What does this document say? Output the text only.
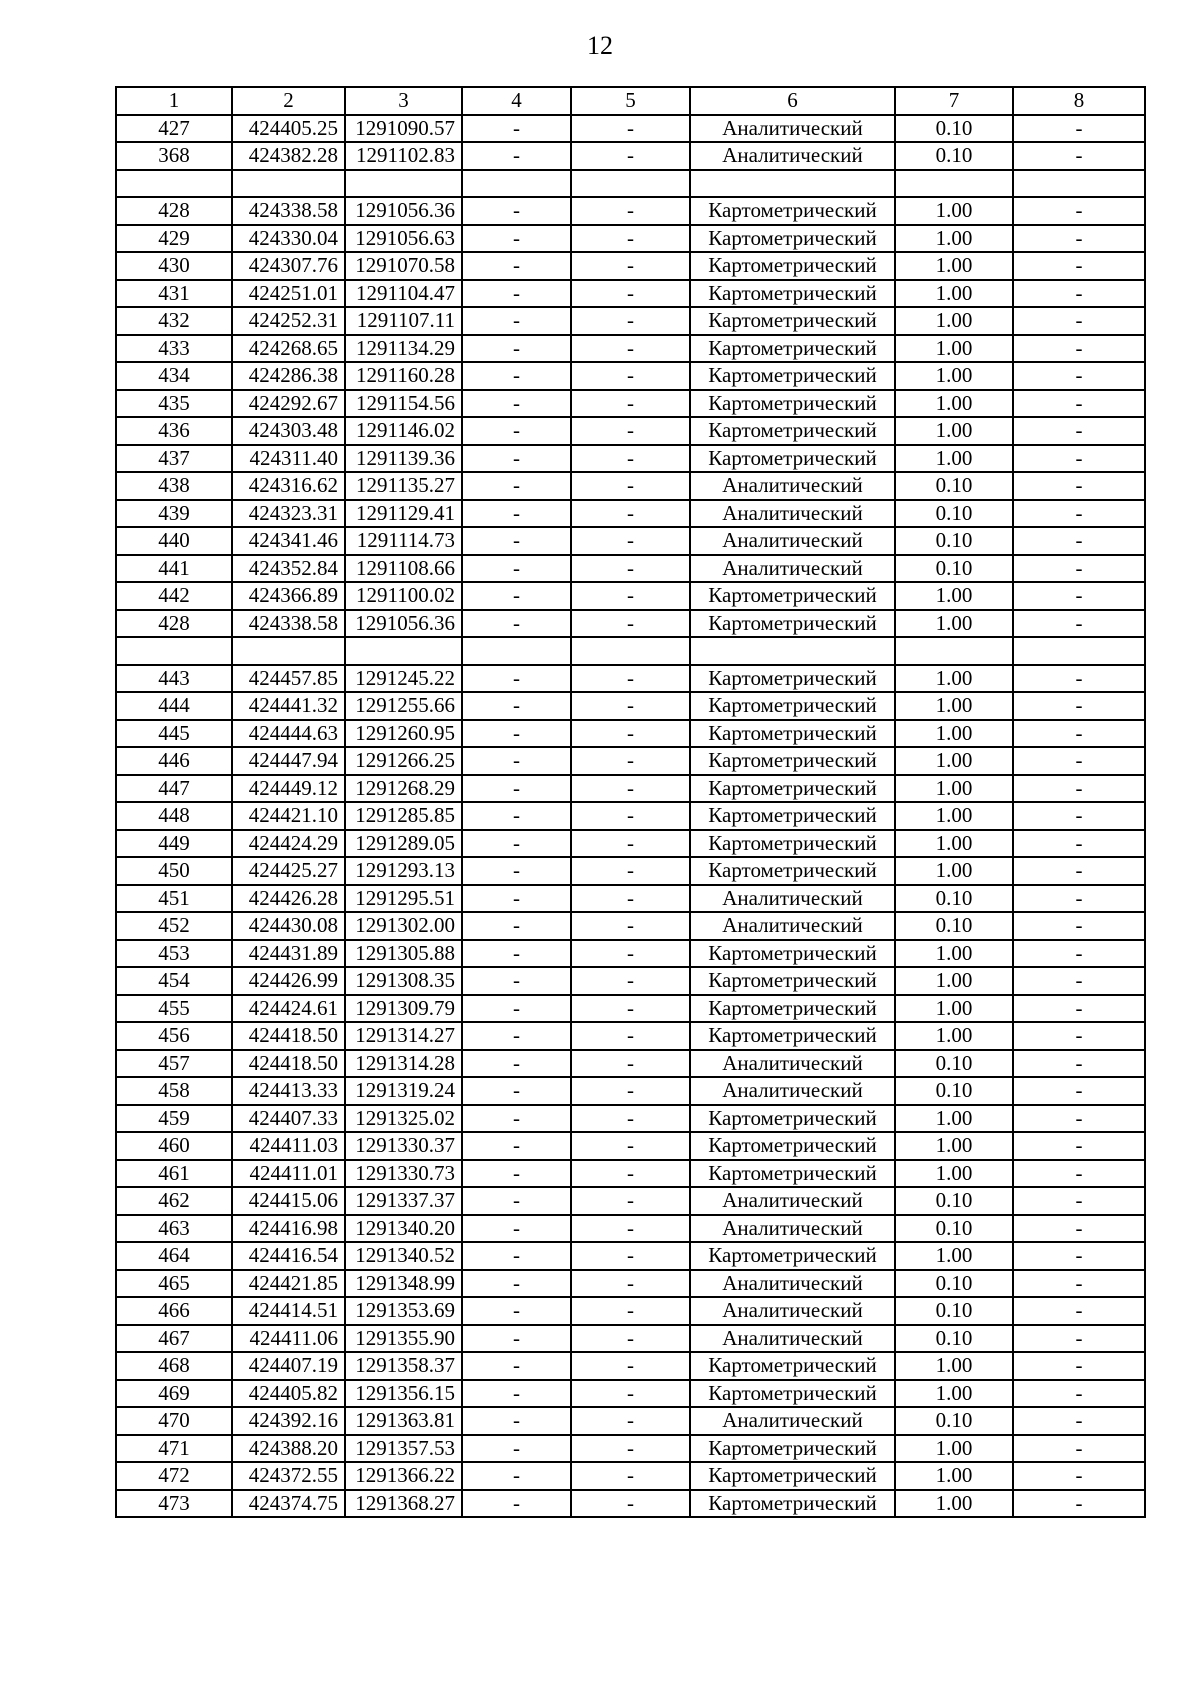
12
1	2	3	4	5	6	7	8
427	424405.25	1291090.57	-	-	Аналитический	0.10	-
368	424382.28	1291102.83	-	-	Аналитический	0.10	-

428	424338.58	1291056.36	-	-	Картометрический	1.00	-
429	424330.04	1291056.63	-	-	Картометрический	1.00	-
430	424307.76	1291070.58	-	-	Картометрический	1.00	-
431	424251.01	1291104.47	-	-	Картометрический	1.00	-
432	424252.31	1291107.11	-	-	Картометрический	1.00	-
433	424268.65	1291134.29	-	-	Картометрический	1.00	-
434	424286.38	1291160.28	-	-	Картометрический	1.00	-
435	424292.67	1291154.56	-	-	Картометрический	1.00	-
436	424303.48	1291146.02	-	-	Картометрический	1.00	-
437	424311.40	1291139.36	-	-	Картометрический	1.00	-
438	424316.62	1291135.27	-	-	Аналитический	0.10	-
439	424323.31	1291129.41	-	-	Аналитический	0.10	-
440	424341.46	1291114.73	-	-	Аналитический	0.10	-
441	424352.84	1291108.66	-	-	Аналитический	0.10	-
442	424366.89	1291100.02	-	-	Картометрический	1.00	-
428	424338.58	1291056.36	-	-	Картометрический	1.00	-

443	424457.85	1291245.22	-	-	Картометрический	1.00	-
444	424441.32	1291255.66	-	-	Картометрический	1.00	-
445	424444.63	1291260.95	-	-	Картометрический	1.00	-
446	424447.94	1291266.25	-	-	Картометрический	1.00	-
447	424449.12	1291268.29	-	-	Картометрический	1.00	-
448	424421.10	1291285.85	-	-	Картометрический	1.00	-
449	424424.29	1291289.05	-	-	Картометрический	1.00	-
450	424425.27	1291293.13	-	-	Картометрический	1.00	-
451	424426.28	1291295.51	-	-	Аналитический	0.10	-
452	424430.08	1291302.00	-	-	Аналитический	0.10	-
453	424431.89	1291305.88	-	-	Картометрический	1.00	-
454	424426.99	1291308.35	-	-	Картометрический	1.00	-
455	424424.61	1291309.79	-	-	Картометрический	1.00	-
456	424418.50	1291314.27	-	-	Картометрический	1.00	-
457	424418.50	1291314.28	-	-	Аналитический	0.10	-
458	424413.33	1291319.24	-	-	Аналитический	0.10	-
459	424407.33	1291325.02	-	-	Картометрический	1.00	-
460	424411.03	1291330.37	-	-	Картометрический	1.00	-
461	424411.01	1291330.73	-	-	Картометрический	1.00	-
462	424415.06	1291337.37	-	-	Аналитический	0.10	-
463	424416.98	1291340.20	-	-	Аналитический	0.10	-
464	424416.54	1291340.52	-	-	Картометрический	1.00	-
465	424421.85	1291348.99	-	-	Аналитический	0.10	-
466	424414.51	1291353.69	-	-	Аналитический	0.10	-
467	424411.06	1291355.90	-	-	Аналитический	0.10	-
468	424407.19	1291358.37	-	-	Картометрический	1.00	-
469	424405.82	1291356.15	-	-	Картометрический	1.00	-
470	424392.16	1291363.81	-	-	Аналитический	0.10	-
471	424388.20	1291357.53	-	-	Картометрический	1.00	-
472	424372.55	1291366.22	-	-	Картометрический	1.00	-
473	424374.75	1291368.27	-	-	Картометрический	1.00	-
